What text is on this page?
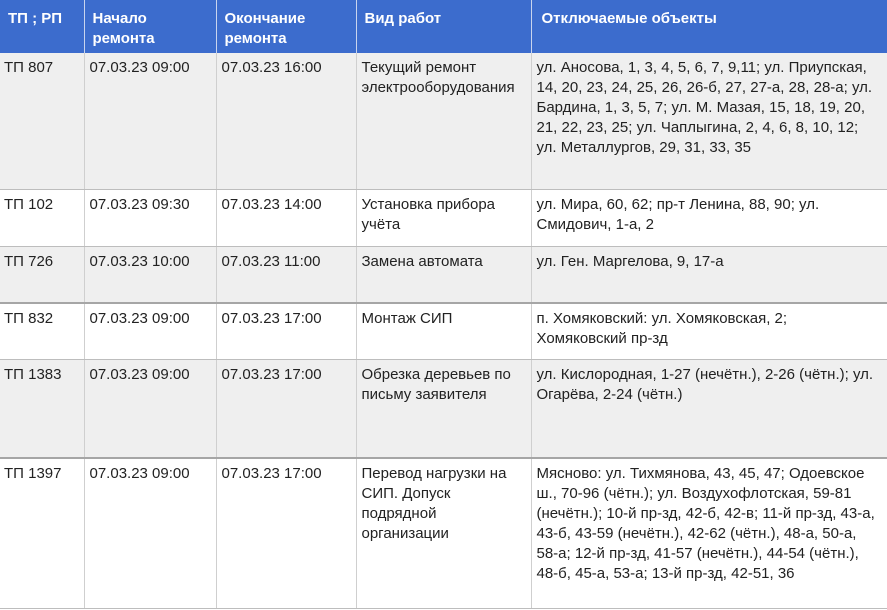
ТП ; РП	Начало ремонта	Окончание ремонта	Вид работ	Отключаемые объекты
ТП 807	07.03.23 09:00	07.03.23 16:00	Текущий ремонт электрооборудования	ул. Аносова, 1, 3, 4, 5, 6, 7, 9,11; ул. Приупская, 14, 20, 23, 24, 25, 26, 26-б, 27, 27-а, 28, 28-а; ул. Бардина, 1, 3, 5, 7; ул. М. Мазая, 15, 18, 19, 20, 21, 22, 23, 25; ул. Чаплыгина, 2, 4, 6, 8, 10, 12; ул. Металлургов, 29, 31, 33, 35
ТП 102	07.03.23 09:30	07.03.23 14:00	Установка прибора учёта	ул. Мира, 60, 62; пр-т Ленина, 88, 90; ул. Смидович, 1-а, 2
ТП 726	07.03.23 10:00	07.03.23 11:00	Замена автомата	ул. Ген. Маргелова, 9, 17-а
ТП 832	07.03.23 09:00	07.03.23 17:00	Монтаж СИП	п. Хомяковский: ул. Хомяковская, 2; Хомяковский пр-зд
ТП 1383	07.03.23 09:00	07.03.23 17:00	Обрезка деревьев по письму заявителя	ул. Кислородная, 1-27 (нечётн.), 2-26 (чётн.); ул. Огарёва, 2-24 (чётн.)
ТП 1397	07.03.23 09:00	07.03.23 17:00	Перевод нагрузки на СИП. Допуск подрядной организации	Мясново: ул. Тихмянова, 43, 45, 47; Одоевское ш., 70-96 (чётн.); ул. Воздухофлотская, 59-81 (нечётн.); 10-й пр-зд, 42-б, 42-в; 11-й пр-зд, 43-а, 43-б, 43-59 (нечётн.), 42-62 (чётн.), 48-а, 50-а, 58-а; 12-й пр-зд, 41-57 (нечётн.), 44-54 (чётн.), 48-б, 45-а, 53-а; 13-й пр-зд, 42-51, 36
